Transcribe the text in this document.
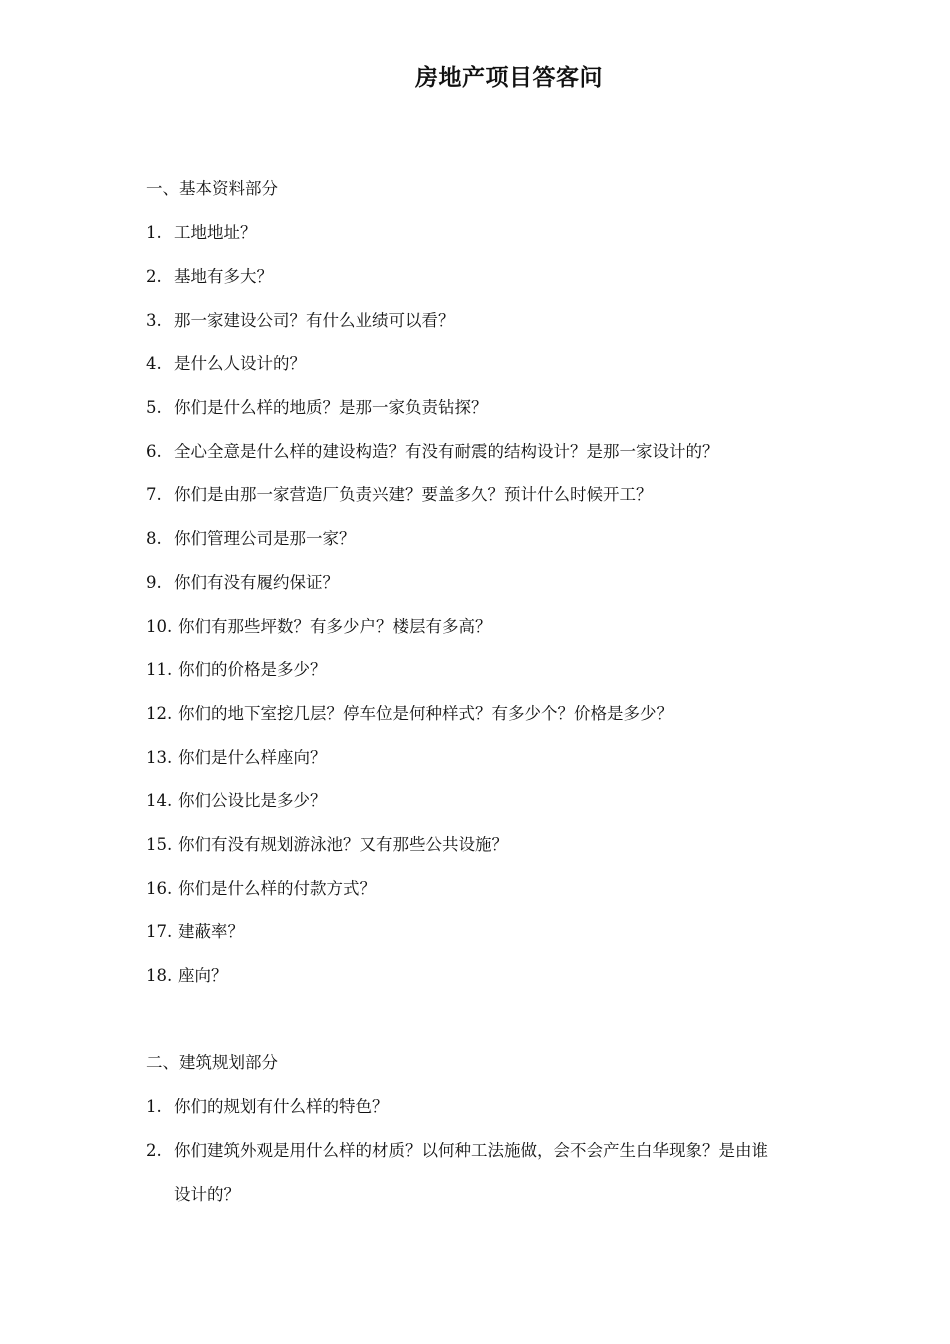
房地产项目答客问
一、基本资料部分
1. 工地地址？
2. 基地有多大？
3. 那一家建设公司？有什么业绩可以看？
4. 是什么人设计的？
5. 你们是什么样的地质？是那一家负责钻探？
6. 全心全意是什么样的建设构造？有没有耐震的结构设计？是那一家设计的？
7. 你们是由那一家营造厂负责兴建？要盖多久？预计什么时候开工？
8. 你们管理公司是那一家？
9. 你们有没有履约保证？
10. 你们有那些坪数？有多少户？楼层有多高？
11. 你们的价格是多少？
12. 你们的地下室挖几层？停车位是何种样式？有多少个？价格是多少？
13. 你们是什么样座向？
14. 你们公设比是多少？
15. 你们有没有规划游泳池？又有那些公共设施？
16. 你们是什么样的付款方式？
17. 建蔽率？
18. 座向？
二、建筑规划部分
1. 你们的规划有什么样的特色？
2. 你们建筑外观是用什么样的材质？以何种工法施做，会不会产生白华现象？是由谁
设计的？
